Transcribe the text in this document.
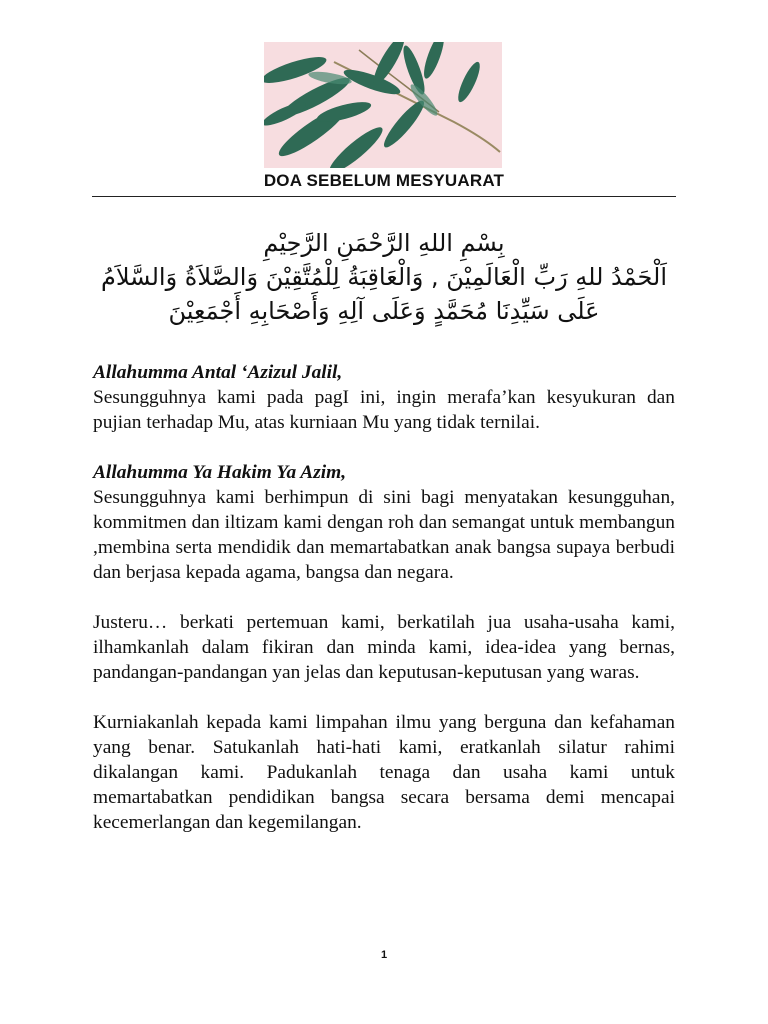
DOA SEBELUM MESYUARAT
بِسْمِ اللهِ الرَّحْمَنِ الرَّحِيْمِ
اَلْحَمْدُ للهِ رَبِّ الْعَالَمِيْنَ , وَالْعَاقِبَةُ لِلْمُتَّقِيْنَ وَالصَّلاَةُ وَالسَّلاَمُ
عَلَى سَيِّدِنَا مُحَمَّدٍ وَعَلَى آلِهِ وَأَصْحَابِهِ أَجْمَعِيْنَ

Allahumma Antal ‘Azizul Jalil,
Sesungguhnya kami pada pagI ini, ingin merafa’kan kesyukuran dan pujian terhadap Mu, atas kurniaan Mu yang tidak ternilai.

Allahumma Ya Hakim Ya Azim,
Sesungguhnya kami berhimpun di sini bagi menyatakan kesungguhan, kommitmen dan iltizam kami dengan roh dan semangat untuk membangun ,membina serta mendidik dan memartabatkan anak bangsa supaya berbudi dan berjasa kepada agama, bangsa dan negara.

Justeru… berkati pertemuan kami, berkatilah jua usaha-usaha kami, ilhamkanlah dalam fikiran dan minda kami, idea-idea yang bernas, pandangan-pandangan yan jelas dan keputusan-keputusan yang waras.

Kurniakanlah kepada kami limpahan ilmu yang berguna dan kefahaman yang benar. Satukanlah hati-hati kami, eratkanlah silatur rahimi dikalangan kami. Padukanlah tenaga dan usaha kami untuk memartabatkan pendidikan bangsa secara bersama demi mencapai kecemerlangan dan kegemilangan.

1
